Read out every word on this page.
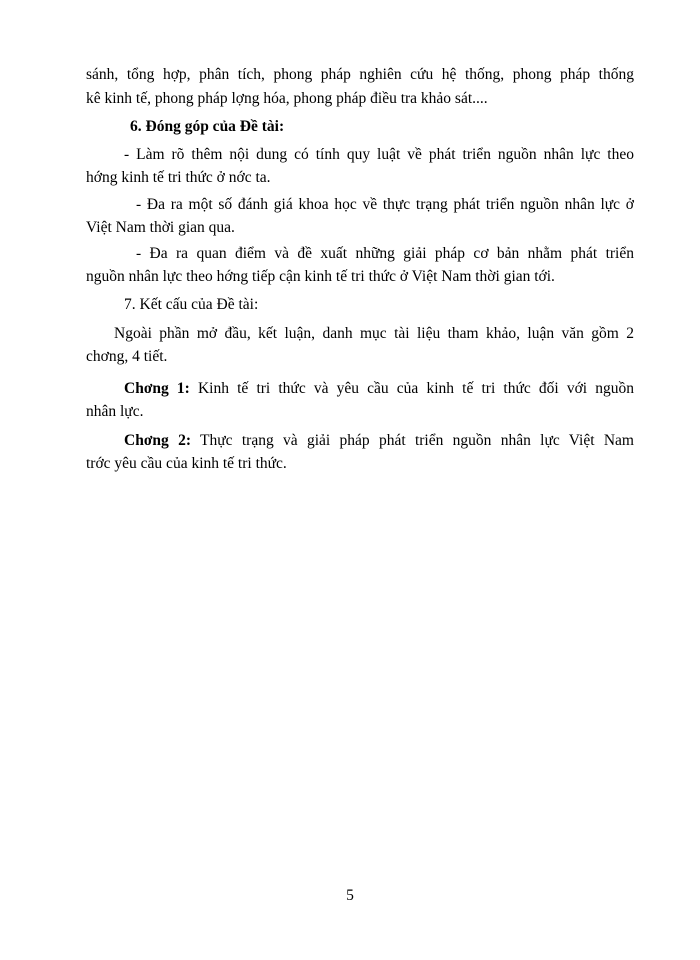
sánh, tổng hợp, phân tích, phong pháp nghiên cứu hệ thống, phong pháp thống
kê kinh tế, phong pháp lợng hóa, phong pháp điều tra khảo sát....
6. Đóng góp của Đề tài:
- Làm rõ thêm nội dung có tính quy luật về phát triển nguồn nhân lực theo
hớng kinh tế tri thức ở nớc ta.
- Đa ra một số đánh giá khoa học về thực trạng phát triển nguồn nhân lực ở
Việt Nam thời gian qua.
- Đa ra quan điểm và đề xuất những giải pháp cơ bản nhằm phát triển
nguồn nhân lực theo hớng tiếp cận kinh tế tri thức ở Việt Nam thời gian tới.
7. Kết cấu của Đề tài:
Ngoài phần mở đầu, kết luận, danh mục tài liệu tham khảo, luận văn gồm 2
chơng, 4 tiết.
Chơng 1: Kinh tế tri thức và yêu cầu của kinh tế tri thức đối với nguồn
nhân lực.
Chơng 2: Thực trạng và giải pháp phát triển nguồn nhân lực Việt Nam
trớc yêu cầu của kinh tế tri thức.
5
